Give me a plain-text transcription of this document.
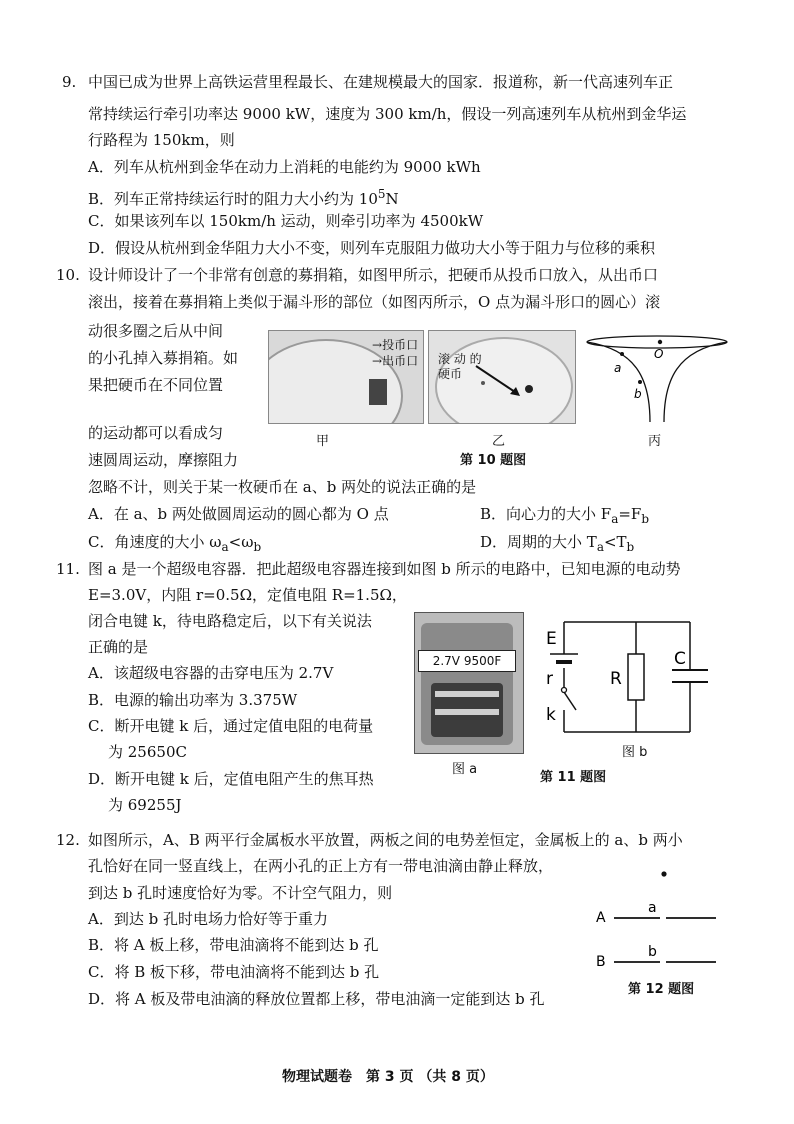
9. 中国已成为世界上高铁运营里程最长、在建规模最大的国家．报道称，新一代高速列车正
常持续运行牵引功率达 9000 kW，速度为 300 km/h，假设一列高速列车从杭州到金华运
行路程为 150km，则
A．列车从杭州到金华在动力上消耗的电能约为 9000 kWh
B．列车正常持续运行时的阻力大小约为 $10^5N$
C．如果该列车以 150km/h 运动，则牵引功率为 4500kW
D．假设从杭州到金华阻力大小不变，则列车克服阻力做功大小等于阻力与位移的乘积
10. 设计师设计了一个非常有创意的募捐箱，如图甲所示，把硬币从投币口放入，从出币口
滚出，接着在募捐箱上类似于漏斗形的部位（如图丙所示，O 点为漏斗形口的圆心）滚
动很多圈之后从中间
的小孔掉入募捐箱。如
果把硬币在不同位置
的运动都可以看成匀
速圆周运动，摩擦阻力
忽略不计，则关于某一枚硬币在 a、b 两处的说法正确的是
A．在 a、b 两处做圆周运动的圆心都为 O 点	B．向心力的大小 $F_a=F_b$
C．角速度的大小 $\omega_a<\omega_b$	D．周期的大小 $T_a<T_b$
→投币口
→出币口
甲
滚 动 的
硬币
乙
O
a
b
丙
第 10 题图
11. 图 a 是一个超级电容器．把此超级电容器连接到如图 b 所示的电路中，已知电源的电动势
E=3.0V，内阻 r=0.5Ω，定值电阻 R=1.5Ω，
闭合电键 k，待电路稳定后，以下有关说法
正确的是
A．该超级电容器的击穿电压为 2.7V
B．电源的输出功率为 3.375W
C．断开电键 k 后，通过定值电阻的电荷量
为 25650C
D．断开电键 k 后，定值电阻产生的焦耳热
为 69255J
2.7V 9500F
图 a
E
r
k
R
C
图 b
第 11 题图
12. 如图所示，A、B 两平行金属板水平放置，两板之间的电势差恒定，金属板上的 a、b 两小
孔恰好在同一竖直线上，在两小孔的正上方有一带电油滴由静止释放，
到达 b 孔时速度恰好为零。不计空气阻力，则
A．到达 b 孔时电场力恰好等于重力
B．将 A 板上移，带电油滴将不能到达 b 孔
C．将 B 板下移，带电油滴将不能到达 b 孔
D．将 A 板及带电油滴的释放位置都上移，带电油滴一定能到达 b 孔
A
a
B
b
第 12 题图
物理试题卷　第 3 页 （共 8 页）
